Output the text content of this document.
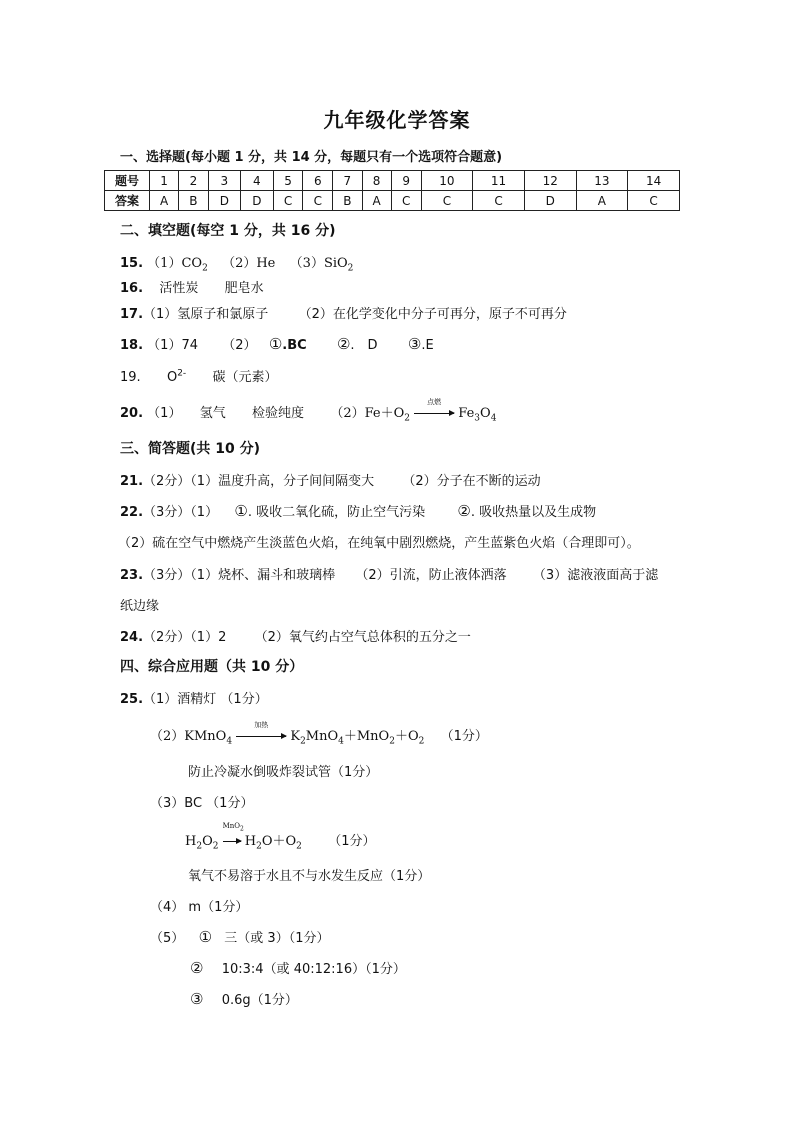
九年级化学答案
一、选择题(每小题 1 分，共 14 分，每题只有一个选项符合题意)
题号	1	2	3	4	5	6	7	8	9	10	11	12	13	14
答案	A	B	D	D	C	C	B	A	C	C	C	D	A	C
二、填空题(每空 1 分，共 16 分)
15. $(1)CO_2$ （2）He （3）SiO$_2$
16. 活性炭 肥皂水
17.（1）氢原子和氯原子 （2）在化学变化中分子可再分，原子不可再分
18. （1）74 （2） ①.BC ②.　D ③.E
19. $O^{2-}$ 碳（元素）
20. （1） 氢气 检验纯度 $(2)Fe+O_2$
点燃
$Fe_3O_4$
三、简答题(共 10 分)
21.（2分）（1）温度升高，分子间间隔变大 （2）分子在不断的运动
22.（3分）（1） ①. 吸收二氧化硫，防止空气污染 ②. 吸收热量以及生成物
（2）硫在空气中燃烧产生淡蓝色火焰，在纯氧中剧烈燃烧，产生蓝紫色火焰（合理即可）。
23.（3分）（1）烧杯、漏斗和玻璃棒 （2）引流，防止液体洒落 （3）滤液液面高于滤
纸边缘
24.（2分）（1）2 （2）氧气约占空气总体积的五分之一
四、综合应用题（共 10 分）
25.（1）酒精灯 （1分）
（2）KMnO$_4$
加热
$K_2MnO_4+MnO_2+O_2$ （1分）
防止冷凝水倒吸炸裂试管（1分）
（3）BC （1分）
$H_2O_2$
MnO$_2$
$H_2O+O_2$ （1分）
氧气不易溶于水且不与水发生反应（1分）
（4） m（1分）
（5） ① 三（或 3）（1分）
② 10:3:4（或 40:12:16）（1分）
③ 0.6g（1分）
